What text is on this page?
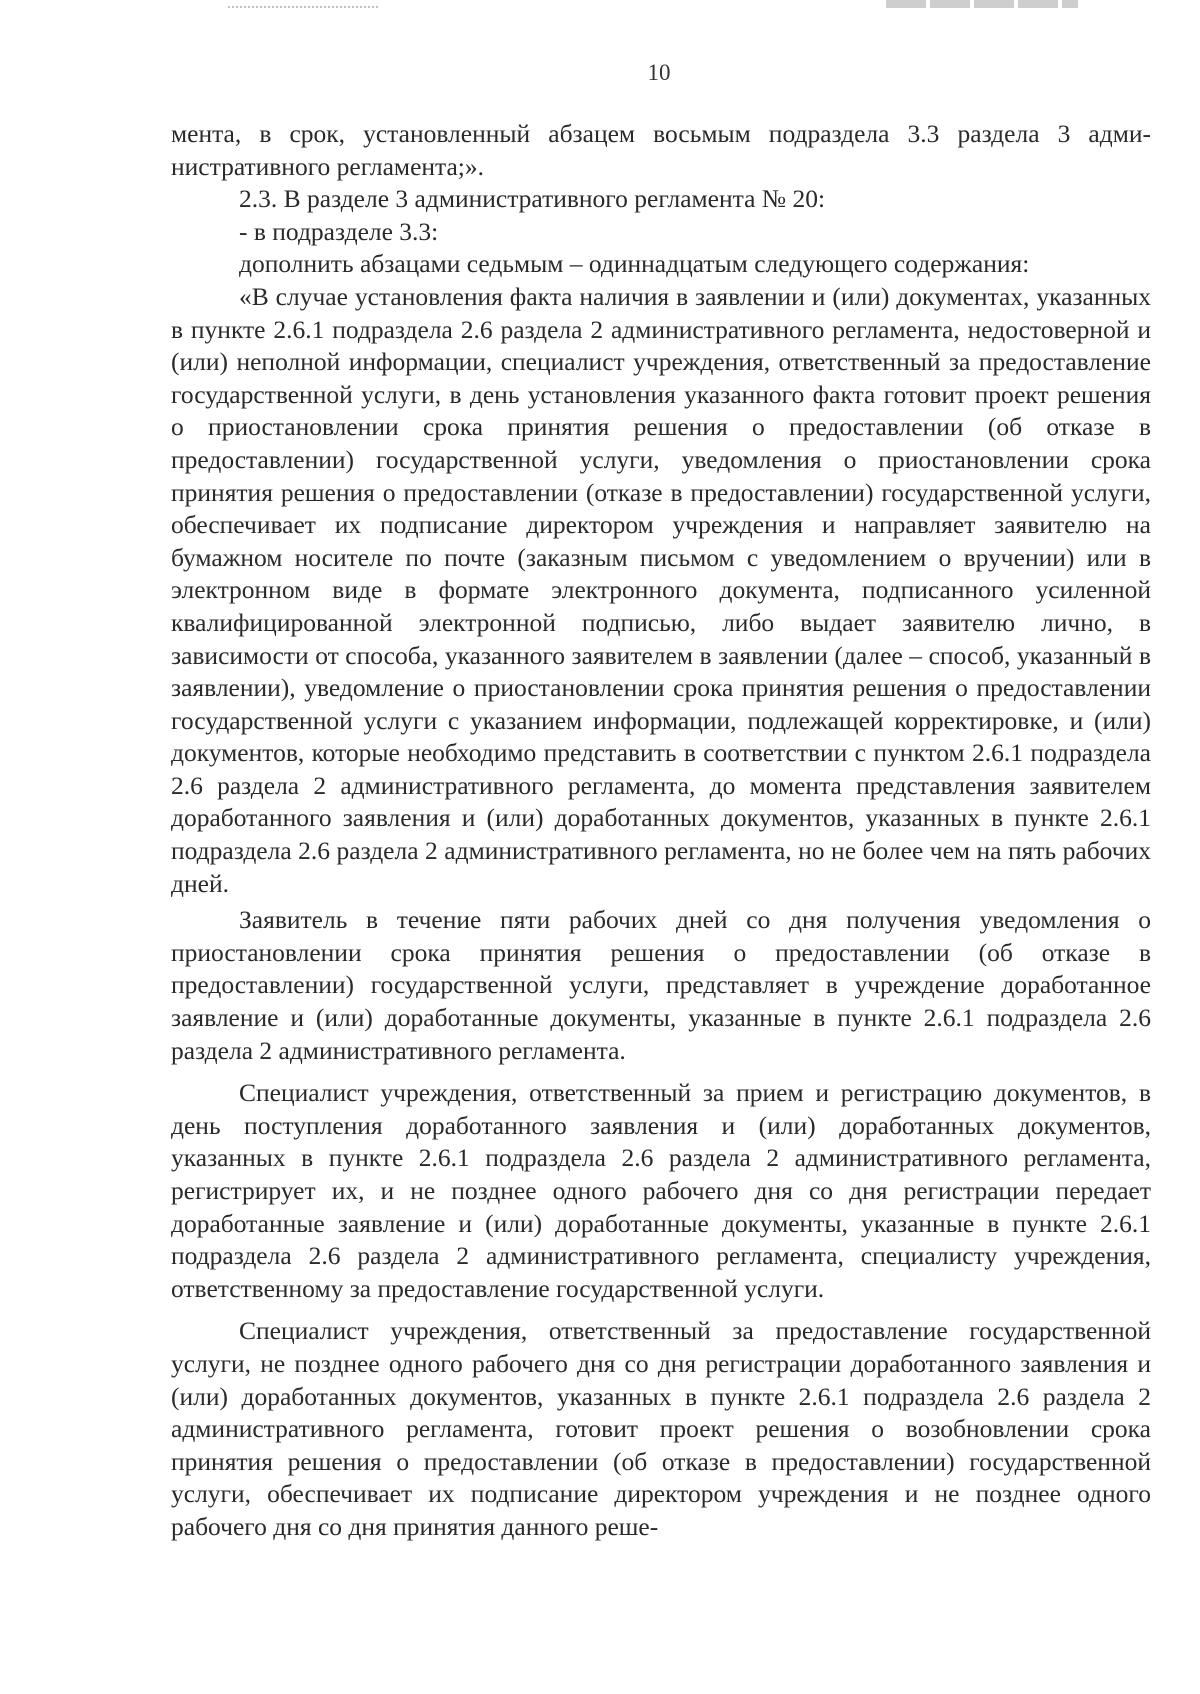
10

мента, в срок, установленный абзацем восьмым подраздела 3.3 раздела 3 административного регламента;».

2.3. В разделе 3 административного регламента № 20:

- в подразделе 3.3:

дополнить абзацами седьмым – одиннадцатым следующего содержания:

«В случае установления факта наличия в заявлении и (или) документах, указанных в пункте 2.6.1 подраздела 2.6 раздела 2 административного регламента, недостоверной и (или) неполной информации, специалист учреждения, ответственный за предоставление государственной услуги, в день установления указанного факта готовит проект решения о приостановлении срока принятия решения о предоставлении (об отказе в предоставлении) государственной услуги, уведомления о приостановлении срока принятия решения о предоставлении (отказе в предоставлении) государственной услуги, обеспечивает их подписание директором учреждения и направляет заявителю на бумажном носителе по почте (заказным письмом с уведомлением о вручении) или в электронном виде в формате электронного документа, подписанного усиленной квалифицированной электронной подписью, либо выдает заявителю лично, в зависимости от способа, указанного заявителем в заявлении (далее – способ, указанный в заявлении), уведомление о приостановлении срока принятия решения о предоставлении государственной услуги с указанием информации, подлежащей корректировке, и (или) документов, которые необходимо представить в соответствии с пунктом 2.6.1 подраздела 2.6 раздела 2 административного регламента, до момента представления заявителем доработанного заявления и (или) доработанных документов, указанных в пункте 2.6.1 подраздела 2.6 раздела 2 административного регламента, но не более чем на пять рабочих дней.

Заявитель в течение пяти рабочих дней со дня получения уведомления о приостановлении срока принятия решения о предоставлении (об отказе в предоставлении) государственной услуги, представляет в учреждение доработанное заявление и (или) доработанные документы, указанные в пункте 2.6.1 подраздела 2.6 раздела 2 административного регламента.

Специалист учреждения, ответственный за прием и регистрацию документов, в день поступления доработанного заявления и (или) доработанных документов, указанных в пункте 2.6.1 подраздела 2.6 раздела 2 административного регламента, регистрирует их, и не позднее одного рабочего дня со дня регистрации передает доработанные заявление и (или) доработанные документы, указанные в пункте 2.6.1 подраздела 2.6 раздела 2 административного регламента, специалисту учреждения, ответственному за предоставление государственной услуги.

Специалист учреждения, ответственный за предоставление государственной услуги, не позднее одного рабочего дня со дня регистрации доработанного заявления и (или) доработанных документов, указанных в пункте 2.6.1 подраздела 2.6 раздела 2 административного регламента, готовит проект решения о возобновлении срока принятия решения о предоставлении (об отказе в предоставлении) государственной услуги, обеспечивает их подписание директором учреждения и не позднее одного рабочего дня со дня принятия данного реше-
